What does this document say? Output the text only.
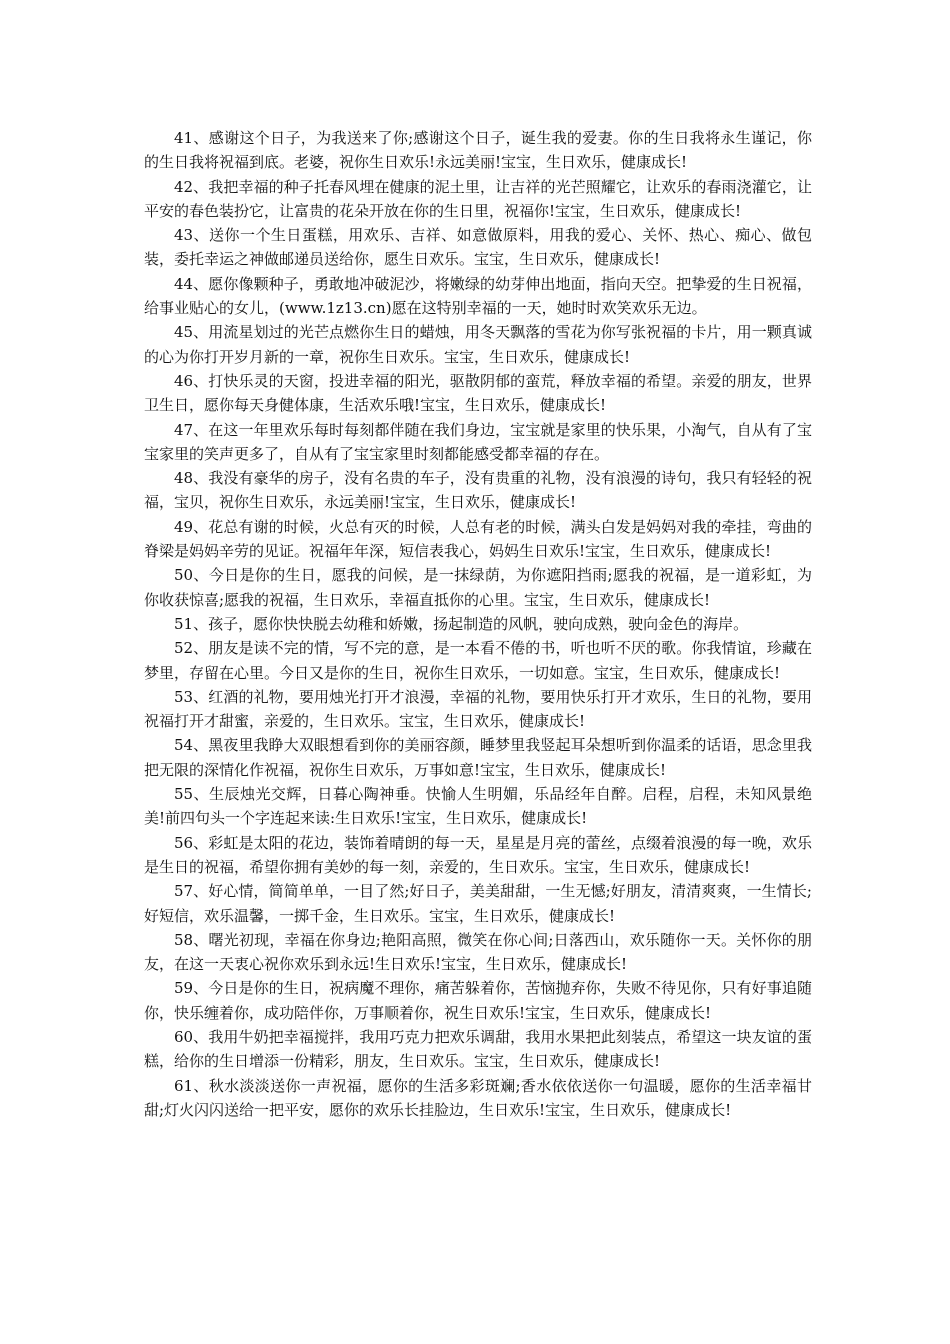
41、感谢这个日子，为我送来了你;感谢这个日子，诞生我的爱妻。你的生日我将永生谨记，你的生日我将祝福到底。老婆，祝你生日欢乐!永远美丽!宝宝，生日欢乐，健康成长!

42、我把幸福的种子托春风埋在健康的泥土里，让吉祥的光芒照耀它，让欢乐的春雨浇灌它，让平安的春色装扮它，让富贵的花朵开放在你的生日里，祝福你!宝宝，生日欢乐，健康成长!

43、送你一个生日蛋糕，用欢乐、吉祥、如意做原料，用我的爱心、关怀、热心、痴心、做包装，委托幸运之神做邮递员送给你，愿生日欢乐。宝宝，生日欢乐，健康成长!

44、愿你像颗种子，勇敢地冲破泥沙，将嫩绿的幼芽伸出地面，指向天空。把挚爱的生日祝福，给事业贴心的女儿，(www.1z13.cn)愿在这特别幸福的一天，她时时欢笑欢乐无边。

45、用流星划过的光芒点燃你生日的蜡烛，用冬天飘落的雪花为你写张祝福的卡片，用一颗真诚的心为你打开岁月新的一章，祝你生日欢乐。宝宝，生日欢乐，健康成长!

46、打快乐灵的天窗，投进幸福的阳光，驱散阴郁的蛮荒，释放幸福的希望。亲爱的朋友，世界卫生日，愿你每天身健体康，生活欢乐哦!宝宝，生日欢乐，健康成长!

47、在这一年里欢乐每时每刻都伴随在我们身边，宝宝就是家里的快乐果，小淘气，自从有了宝宝家里的笑声更多了，自从有了宝宝家里时刻都能感受都幸福的存在。

48、我没有豪华的房子，没有名贵的车子，没有贵重的礼物，没有浪漫的诗句，我只有轻轻的祝福，宝贝，祝你生日欢乐，永远美丽!宝宝，生日欢乐，健康成长!

49、花总有谢的时候，火总有灭的时候，人总有老的时候，满头白发是妈妈对我的牵挂，弯曲的脊梁是妈妈辛劳的见证。祝福年年深，短信表我心，妈妈生日欢乐!宝宝，生日欢乐，健康成长!

50、今日是你的生日，愿我的问候，是一抹绿荫，为你遮阳挡雨;愿我的祝福，是一道彩虹，为你收获惊喜;愿我的祝福，生日欢乐，幸福直抵你的心里。宝宝，生日欢乐，健康成长!

51、孩子，愿你快快脱去幼稚和娇嫩，扬起制造的风帆，驶向成熟，驶向金色的海岸。

52、朋友是读不完的情，写不完的意，是一本看不倦的书，听也听不厌的歌。你我情谊，珍藏在梦里，存留在心里。今日又是你的生日，祝你生日欢乐，一切如意。宝宝，生日欢乐，健康成长!

53、红酒的礼物，要用烛光打开才浪漫，幸福的礼物，要用快乐打开才欢乐，生日的礼物，要用祝福打开才甜蜜，亲爱的，生日欢乐。宝宝，生日欢乐，健康成长!

54、黑夜里我睁大双眼想看到你的美丽容颜，睡梦里我竖起耳朵想听到你温柔的话语，思念里我把无限的深情化作祝福，祝你生日欢乐，万事如意!宝宝，生日欢乐，健康成长!

55、生辰烛光交辉，日暮心陶神垂。快愉人生明媚，乐品经年自醉。启程，启程，未知风景绝美!前四句头一个字连起来读:生日欢乐!宝宝，生日欢乐，健康成长!

56、彩虹是太阳的花边，装饰着晴朗的每一天，星星是月亮的蕾丝，点缀着浪漫的每一晚，欢乐是生日的祝福，希望你拥有美妙的每一刻，亲爱的，生日欢乐。宝宝，生日欢乐，健康成长!

57、好心情，简简单单，一目了然;好日子，美美甜甜，一生无憾;好朋友，清清爽爽，一生情长;好短信，欢乐温馨，一掷千金，生日欢乐。宝宝，生日欢乐，健康成长!

58、曙光初现，幸福在你身边;艳阳高照，微笑在你心间;日落西山，欢乐随你一天。关怀你的朋友，在这一天衷心祝你欢乐到永远!生日欢乐!宝宝，生日欢乐，健康成长!

59、今日是你的生日，祝病魔不理你，痛苦躲着你，苦恼抛弃你，失败不待见你，只有好事追随你，快乐缠着你，成功陪伴你，万事顺着你，祝生日欢乐!宝宝，生日欢乐，健康成长!

60、我用牛奶把幸福搅拌，我用巧克力把欢乐调甜，我用水果把此刻装点，希望这一块友谊的蛋糕，给你的生日增添一份精彩，朋友，生日欢乐。宝宝，生日欢乐，健康成长!

61、秋水淡淡送你一声祝福，愿你的生活多彩斑斓;香水依依送你一句温暖，愿你的生活幸福甘甜;灯火闪闪送给一把平安，愿你的欢乐长挂脸边，生日欢乐!宝宝，生日欢乐，健康成长!
